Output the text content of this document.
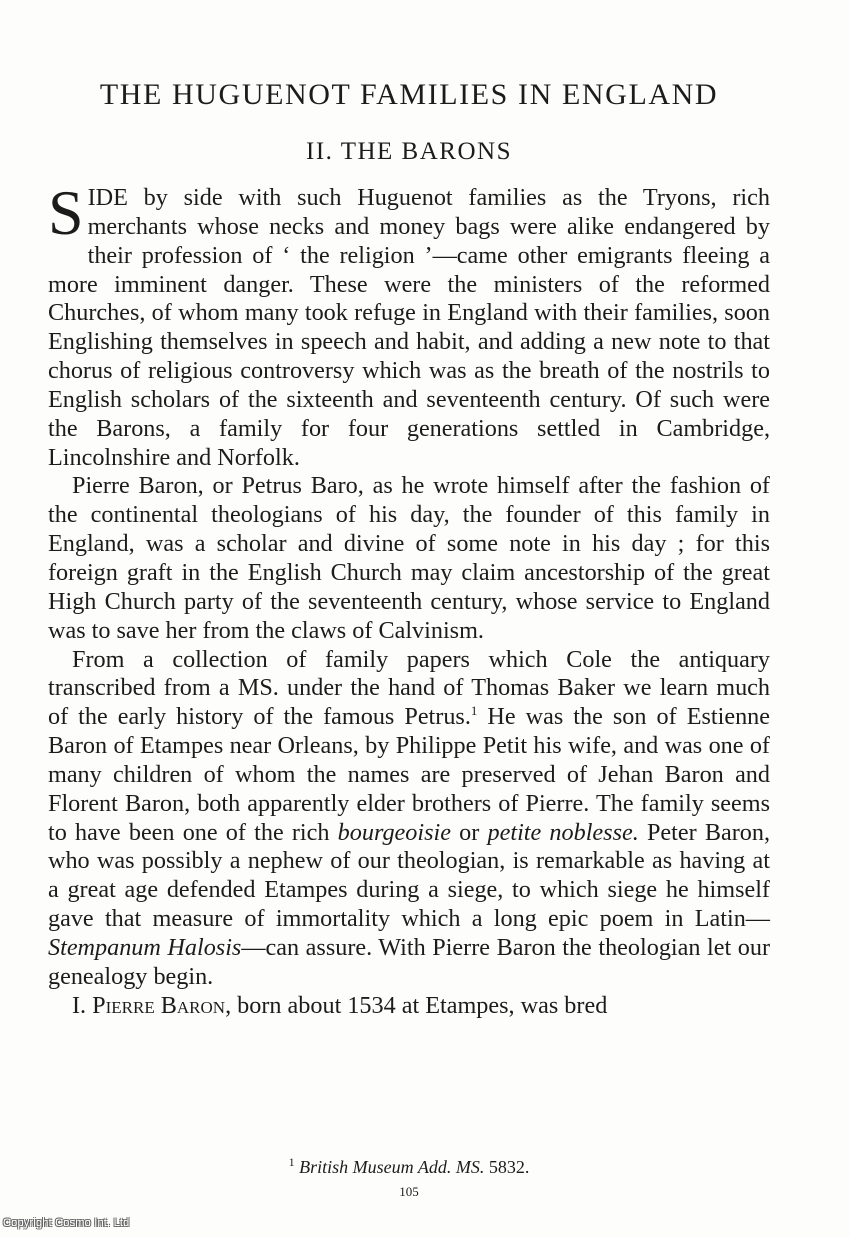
THE HUGUENOT FAMILIES IN ENGLAND
II. THE BARONS

SIDE by side with such Huguenot families as the Tryons, rich merchants whose necks and money bags were alike endangered by their profession of ‘ the religion ’—came other emigrants fleeing a more imminent danger. These were the ministers of the reformed Churches, of whom many took refuge in England with their families, soon Englishing themselves in speech and habit, and adding a new note to that chorus of religious controversy which was as the breath of the nostrils to English scholars of the sixteenth and seventeenth century. Of such were the Barons, a family for four generations settled in Cambridge, Lincolnshire and Norfolk.

Pierre Baron, or Petrus Baro, as he wrote himself after the fashion of the continental theologians of his day, the founder of this family in England, was a scholar and divine of some note in his day ; for this foreign graft in the English Church may claim ancestorship of the great High Church party of the seventeenth century, whose service to England was to save her from the claws of Calvinism.

From a collection of family papers which Cole the antiquary transcribed from a MS. under the hand of Thomas Baker we learn much of the early history of the famous Petrus.$^1$ He was the son of Estienne Baron of Etampes near Orleans, by Philippe Petit his wife, and was one of many children of whom the names are preserved of Jehan Baron and Florent Baron, both apparently elder brothers of Pierre. The family seems to have been one of the rich bourgeoisie or petite noblesse. Peter Baron, who was possibly a nephew of our theologian, is remarkable as having at a great age defended Etampes during a siege, to which siege he himself gave that measure of immortality which a long epic poem in Latin—Stempanum Halosis—can assure. With Pierre Baron the theologian let our genealogy begin.

I. Pierre Baron, born about 1534 at Etampes, was bred

$^1$ British Museum Add. MS. 5832.
105
Copyright Cosmo Int. Ltd
